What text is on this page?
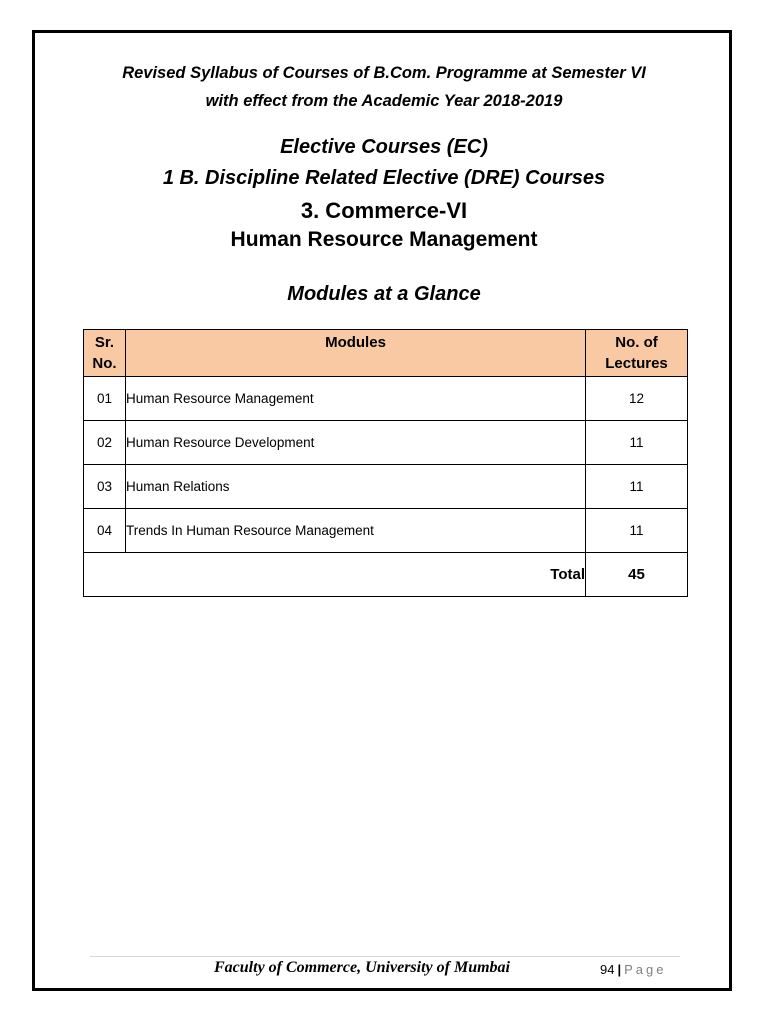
Revised Syllabus of Courses of B.Com. Programme at Semester VI
with effect from the Academic Year 2018-2019
Elective Courses (EC)
1 B. Discipline Related Elective (DRE) Courses
3. Commerce-VI
Human Resource Management
Modules at a Glance
Sr. No.	Modules	No. of Lectures
01	Human Resource Management	12
02	Human Resource Development	11
03	Human Relations	11
04	Trends In Human Resource Management	11
Total		45
Faculty of Commerce, University of Mumbai	94 | Page
